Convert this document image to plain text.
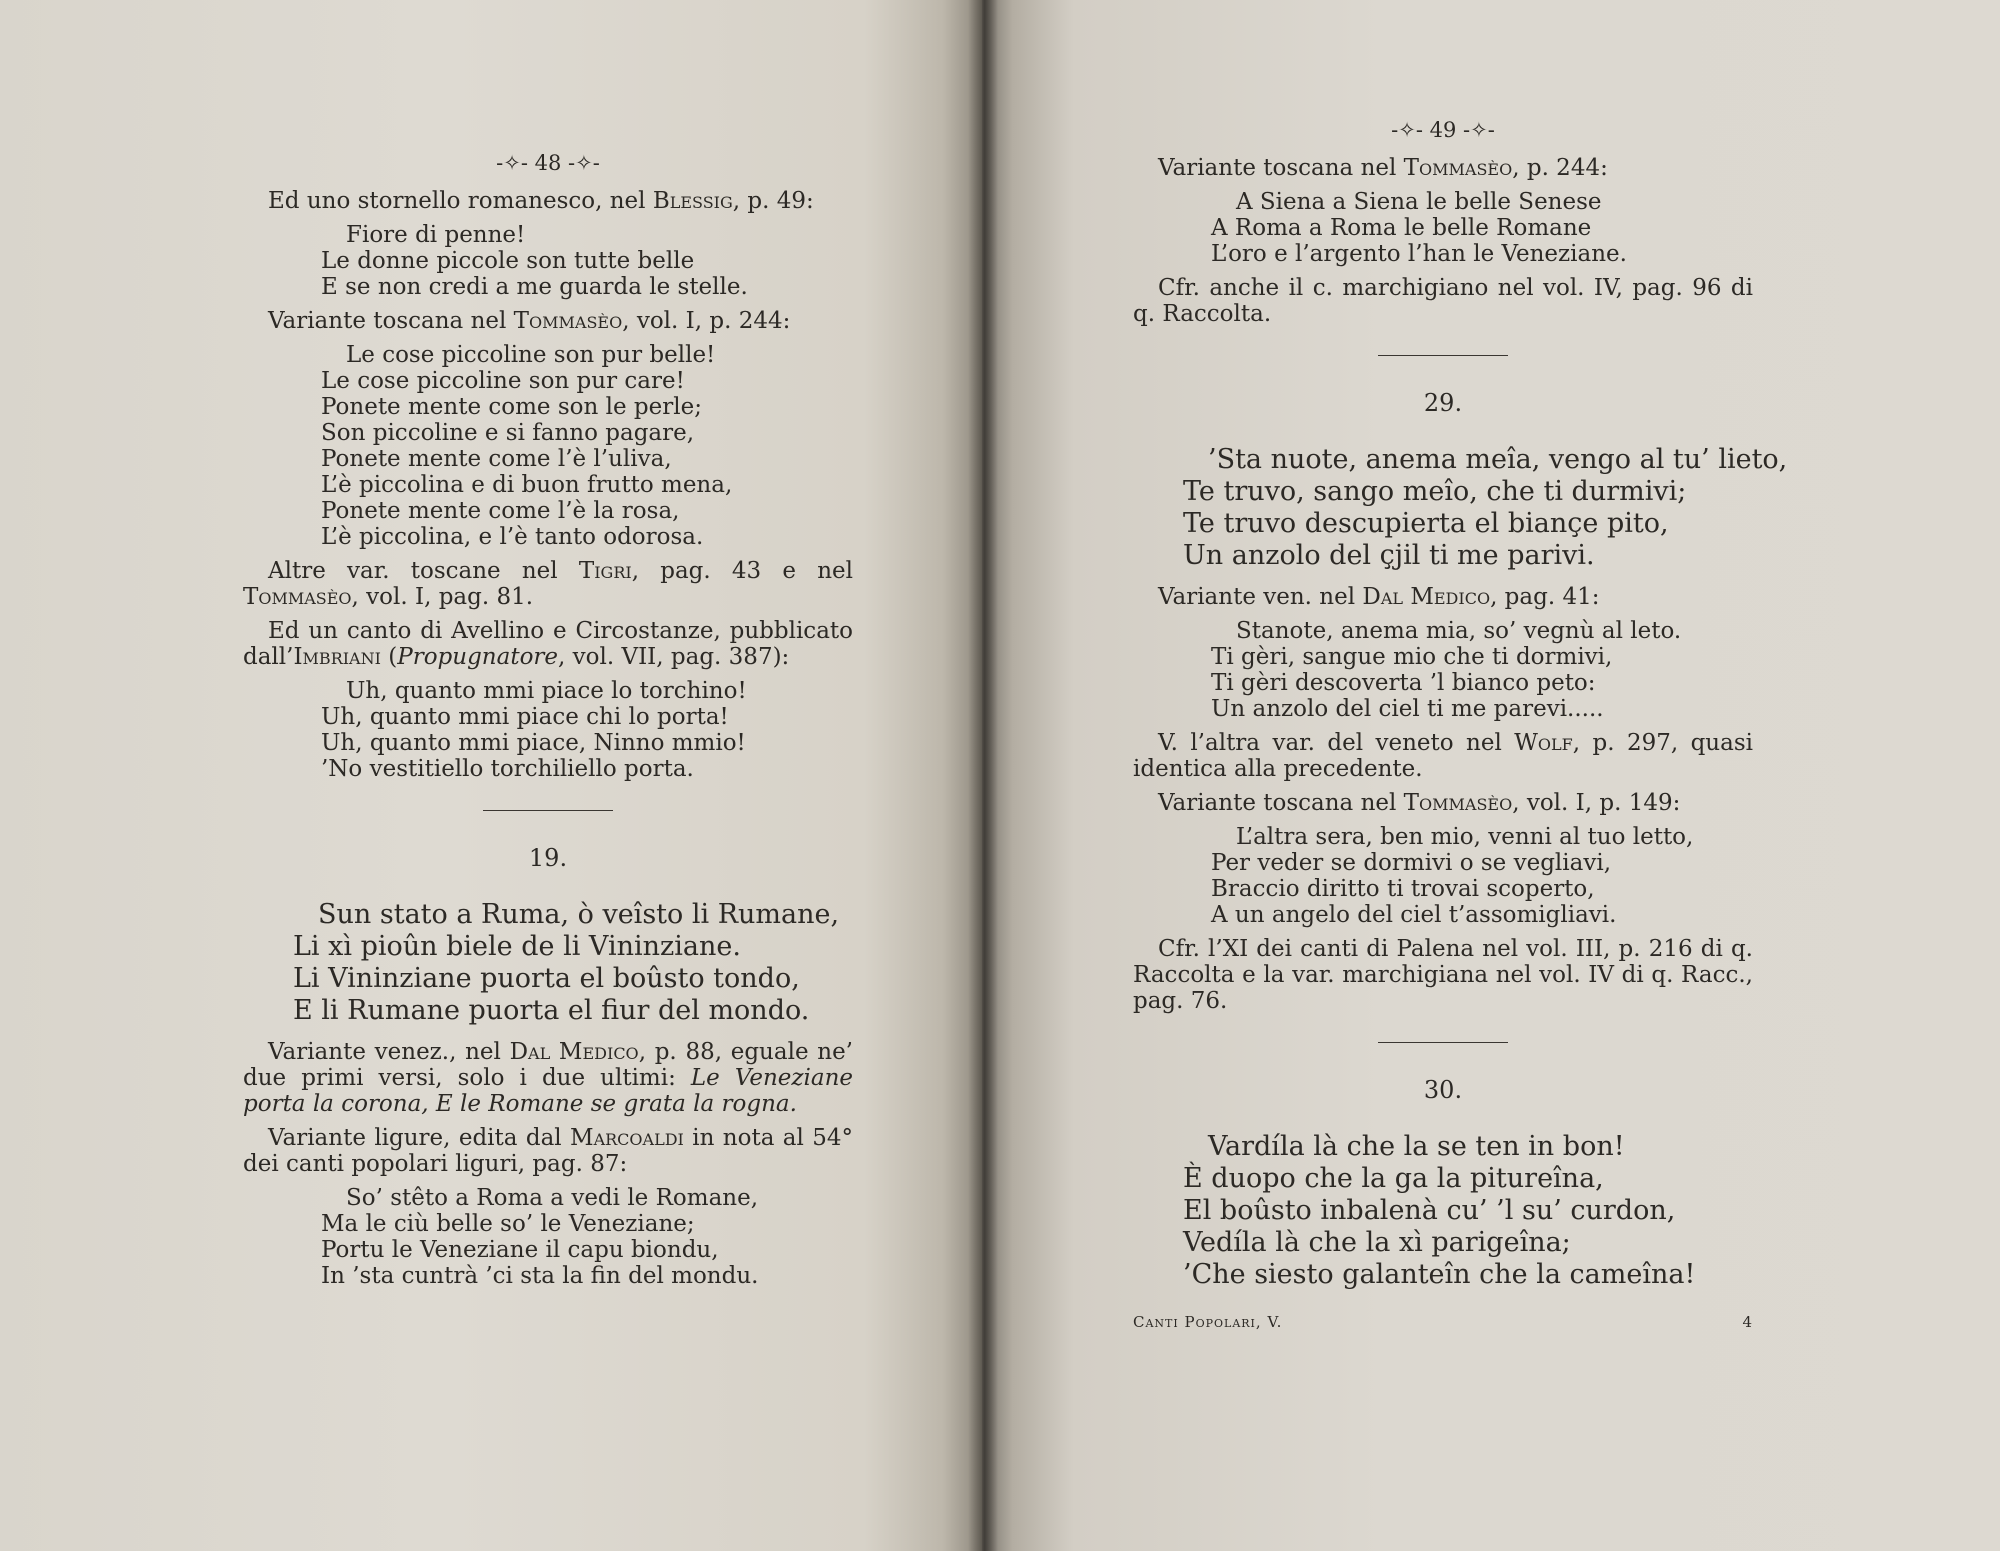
-✧- 48 -✧-

Ed uno stornello romanesco, nel Blessig, p. 49:

Fiore di penne!
Le donne piccole son tutte belle
E se non credi a me guarda le stelle.

Variante toscana nel Tommasèo, vol. I, p. 244:

Le cose piccoline son pur belle!
Le cose piccoline son pur care!
Ponete mente come son le perle;
Son piccoline e si fanno pagare,
Ponete mente come l’è l’uliva,
L’è piccolina e di buon frutto mena,
Ponete mente come l’è la rosa,
L’è piccolina, e l’è tanto odorosa.

Altre var. toscane nel Tigri, pag. 43 e nel Tommasèo, vol. I, pag. 81.

Ed un canto di Avellino e Circostanze, pubblicato dall’Imbriani (Propugnatore, vol. VII, pag. 387):

Uh, quanto mmi piace lo torchino!
Uh, quanto mmi piace chi lo porta!
Uh, quanto mmi piace, Ninno mmio!
’No vestitiello torchiliello porta.
19.
Sun stato a Ruma, ò veîsto li Rumane,
Li xì pioûn biele de li Vininziane.
Li Vininziane puorta el boûsto tondo,
E li Rumane puorta el fiur del mondo.

Variante venez., nel Dal Medico, p. 88, eguale ne’ due primi versi, solo i due ultimi: Le Veneziane porta la corona, E le Romane se grata la rogna.

Variante ligure, edita dal Marcoaldi in nota al 54° dei canti popolari liguri, pag. 87:

So’ stêto a Roma a vedi le Romane,
Ma le ciù belle so’ le Veneziane;
Portu le Veneziane il capu biondu,
In ’sta cuntrà ’ci sta la fin del mondu.
-✧- 49 -✧-

Variante toscana nel Tommasèo, p. 244:

A Siena a Siena le belle Senese
A Roma a Roma le belle Romane
L’oro e l’argento l’han le Veneziane.

Cfr. anche il c. marchigiano nel vol. IV, pag. 96 di q. Raccolta.

29.
’Sta nuote, anema meîa, vengo al tu’ lieto,
Te truvo, sango meîo, che ti durmivi;
Te truvo descupierta el biançe pito,
Un anzolo del çjil ti me parivi.

Variante ven. nel Dal Medico, pag. 41:

Stanote, anema mia, so’ vegnù al leto.
Ti gèri, sangue mio che ti dormivi,
Ti gèri descoverta ’l bianco peto:
Un anzolo del ciel ti me parevi.....

V. l’altra var. del veneto nel Wolf, p. 297, quasi identica alla precedente.

Variante toscana nel Tommasèo, vol. I, p. 149:

L’altra sera, ben mio, venni al tuo letto,
Per veder se dormivi o se vegliavi,
Braccio diritto ti trovai scoperto,
A un angelo del ciel t’assomigliavi.

Cfr. l’XI dei canti di Palena nel vol. III, p. 216 di q. Raccolta e la var. marchigiana nel vol. IV di q. Racc., pag. 76.

30.
Vardíla là che la se ten in bon!
È duopo che la ga la pitureîna,
El boûsto inbalenà cu’ ’l su’ curdon,
Vedíla là che la xì parigeîna;
’Che siesto galanteîn che la cameîna!
Canti Popolari, V.	4
